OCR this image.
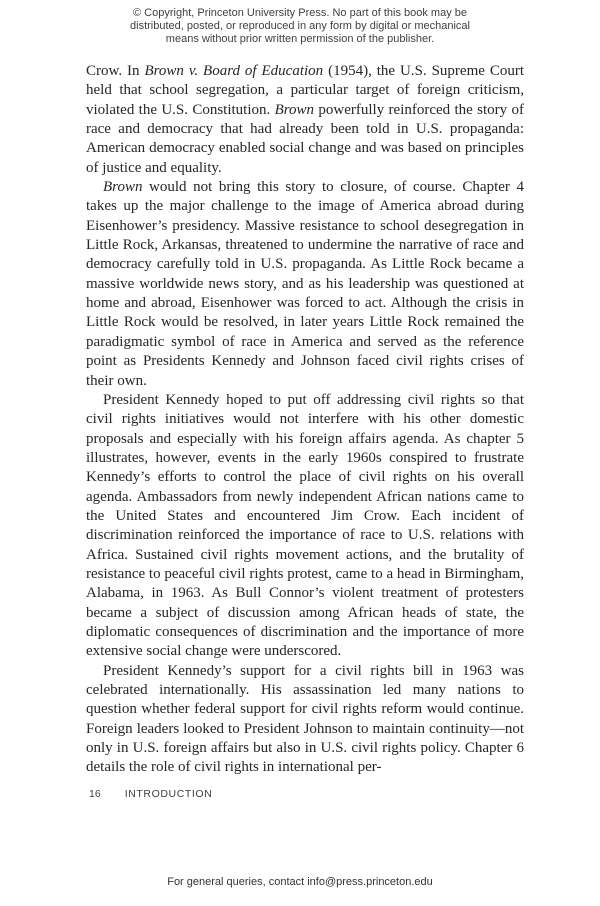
© Copyright, Princeton University Press. No part of this book may be
distributed, posted, or reproduced in any form by digital or mechanical
means without prior written permission of the publisher.

Crow. In Brown v. Board of Education (1954), the U.S. Supreme Court held that school segregation, a particular target of foreign criticism, violated the U.S. Constitution. Brown powerfully reinforced the story of race and democracy that had already been told in U.S. propaganda: American democracy enabled social change and was based on principles of justice and equality.

Brown would not bring this story to closure, of course. Chapter 4 takes up the major challenge to the image of America abroad during Eisenhower’s presidency. Massive resistance to school desegregation in Little Rock, Arkansas, threatened to undermine the narrative of race and democracy carefully told in U.S. propaganda. As Little Rock became a massive worldwide news story, and as his leadership was questioned at home and abroad, Eisenhower was forced to act. Although the crisis in Little Rock would be resolved, in later years Little Rock remained the paradigmatic symbol of race in America and served as the reference point as Presidents Kennedy and Johnson faced civil rights crises of their own.

President Kennedy hoped to put off addressing civil rights so that civil rights initiatives would not interfere with his other domestic proposals and especially with his foreign affairs agenda. As chapter 5 illustrates, however, events in the early 1960s conspired to frustrate Kennedy’s efforts to control the place of civil rights on his overall agenda. Ambassadors from newly independent African nations came to the United States and encountered Jim Crow. Each incident of discrimination reinforced the importance of race to U.S. relations with Africa. Sustained civil rights movement actions, and the brutality of resistance to peaceful civil rights protest, came to a head in Birmingham, Alabama, in 1963. As Bull Connor’s violent treatment of protesters became a subject of discussion among African heads of state, the diplomatic consequences of discrimination and the importance of more extensive social change were underscored.

President Kennedy’s support for a civil rights bill in 1963 was celebrated internationally. His assassination led many nations to question whether federal support for civil rights reform would continue. Foreign leaders looked to President Johnson to maintain continuity—not only in U.S. foreign affairs but also in U.S. civil rights policy. Chapter 6 details the role of civil rights in international per-

16 INTRODUCTION
For general queries, contact info@press.princeton.edu
